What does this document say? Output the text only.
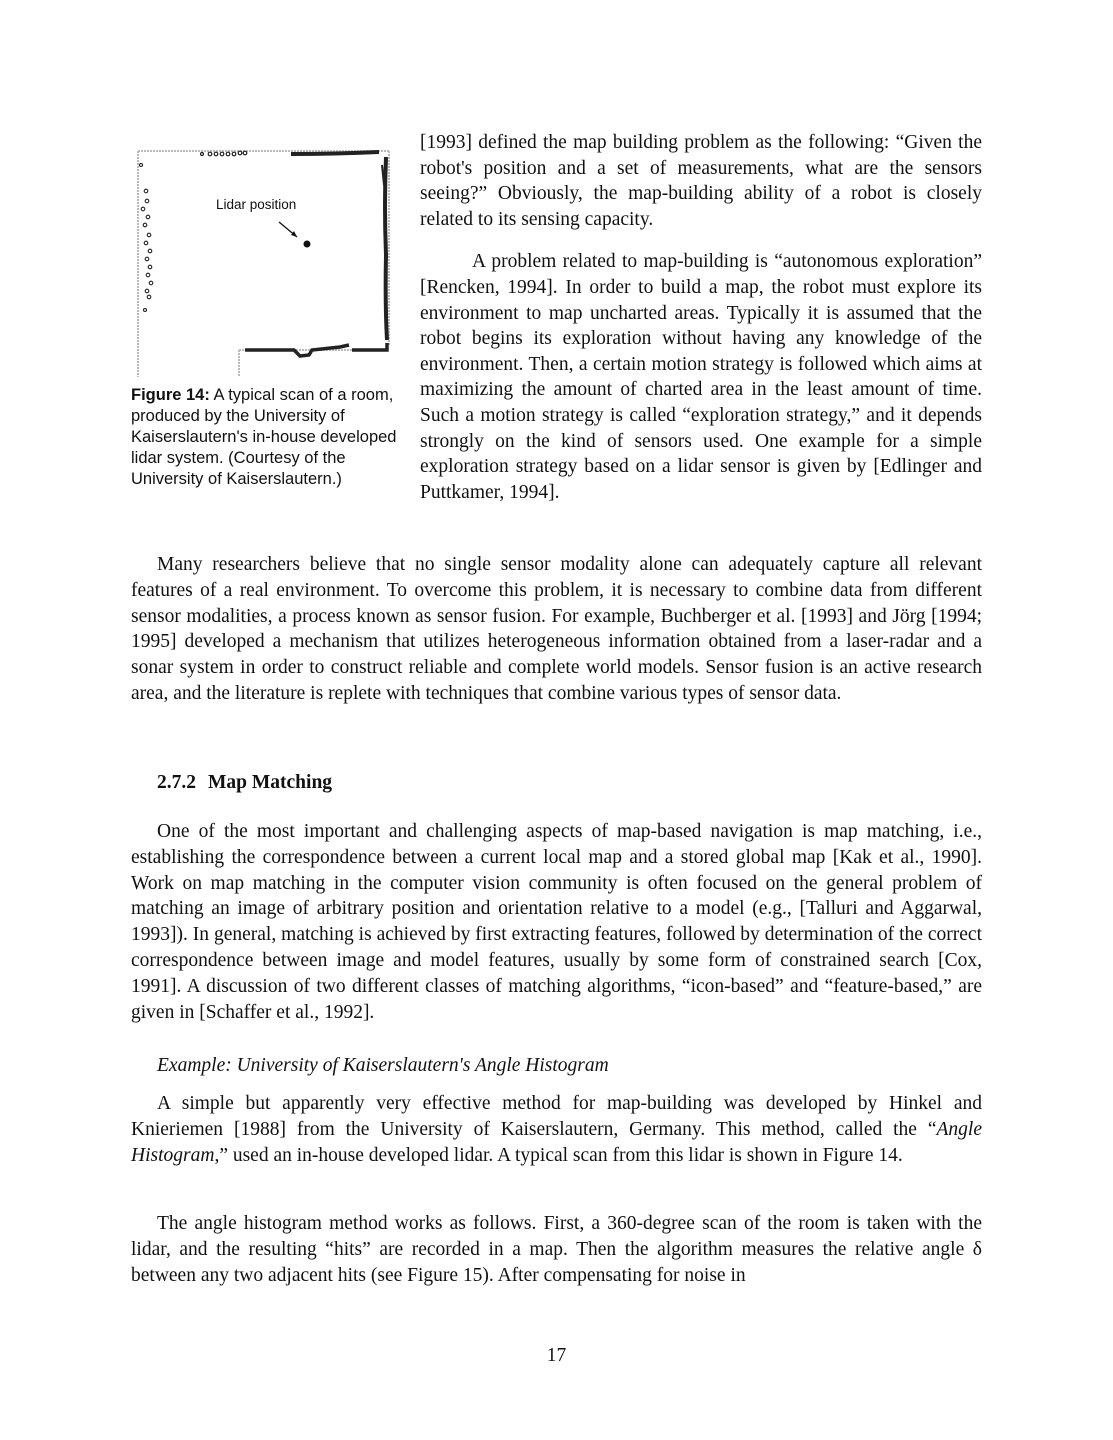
Lidar position
Figure 14: A typical scan of a room, produced by the University of Kaiserslautern's in-house developed lidar system. (Courtesy of the University of Kaiserslautern.)

[1993] defined the map building problem as the following: “Given the robot's position and a set of measurements, what are the sensors seeing?” Obviously, the map-building ability of a robot is closely related to its sensing capacity.

A problem related to map-building is “autonomous exploration” [Rencken, 1994]. In order to build a map, the robot must explore its environment to map uncharted areas. Typically it is assumed that the robot begins its exploration without having any knowledge of the environment. Then, a certain motion strategy is followed which aims at maximizing the amount of charted area in the least amount of time. Such a motion strategy is called “exploration strategy,” and it depends strongly on the kind of sensors used. One example for a simple exploration strategy based on a lidar sensor is given by [Edlinger and Puttkamer, 1994].

Many researchers believe that no single sensor modality alone can adequately capture all relevant features of a real environment. To overcome this problem, it is necessary to combine data from different sensor modalities, a process known as sensor fusion. For example, Buchberger et al. [1993] and Jörg [1994; 1995] developed a mechanism that utilizes heterogeneous information obtained from a laser-radar and a sonar system in order to construct reliable and complete world models. Sensor fusion is an active research area, and the literature is replete with techniques that combine various types of sensor data.

2.7.2 Map Matching

One of the most important and challenging aspects of map-based navigation is map matching, i.e., establishing the correspondence between a current local map and a stored global map [Kak et al., 1990]. Work on map matching in the computer vision community is often focused on the general problem of matching an image of arbitrary position and orientation relative to a model (e.g., [Talluri and Aggarwal, 1993]). In general, matching is achieved by first extracting features, followed by determination of the correct correspondence between image and model features, usually by some form of constrained search [Cox, 1991]. A discussion of two different classes of matching algorithms, “icon-based” and “feature-based,” are given in [Schaffer et al., 1992].

Example: University of Kaiserslautern's Angle Histogram

A simple but apparently very effective method for map-building was developed by Hinkel and Knieriemen [1988] from the University of Kaiserslautern, Germany. This method, called the “Angle Histogram,” used an in-house developed lidar. A typical scan from this lidar is shown in Figure 14.

The angle histogram method works as follows. First, a 360-degree scan of the room is taken with the lidar, and the resulting “hits” are recorded in a map. Then the algorithm measures the relative angle δ between any two adjacent hits (see Figure 15). After compensating for noise in

17
